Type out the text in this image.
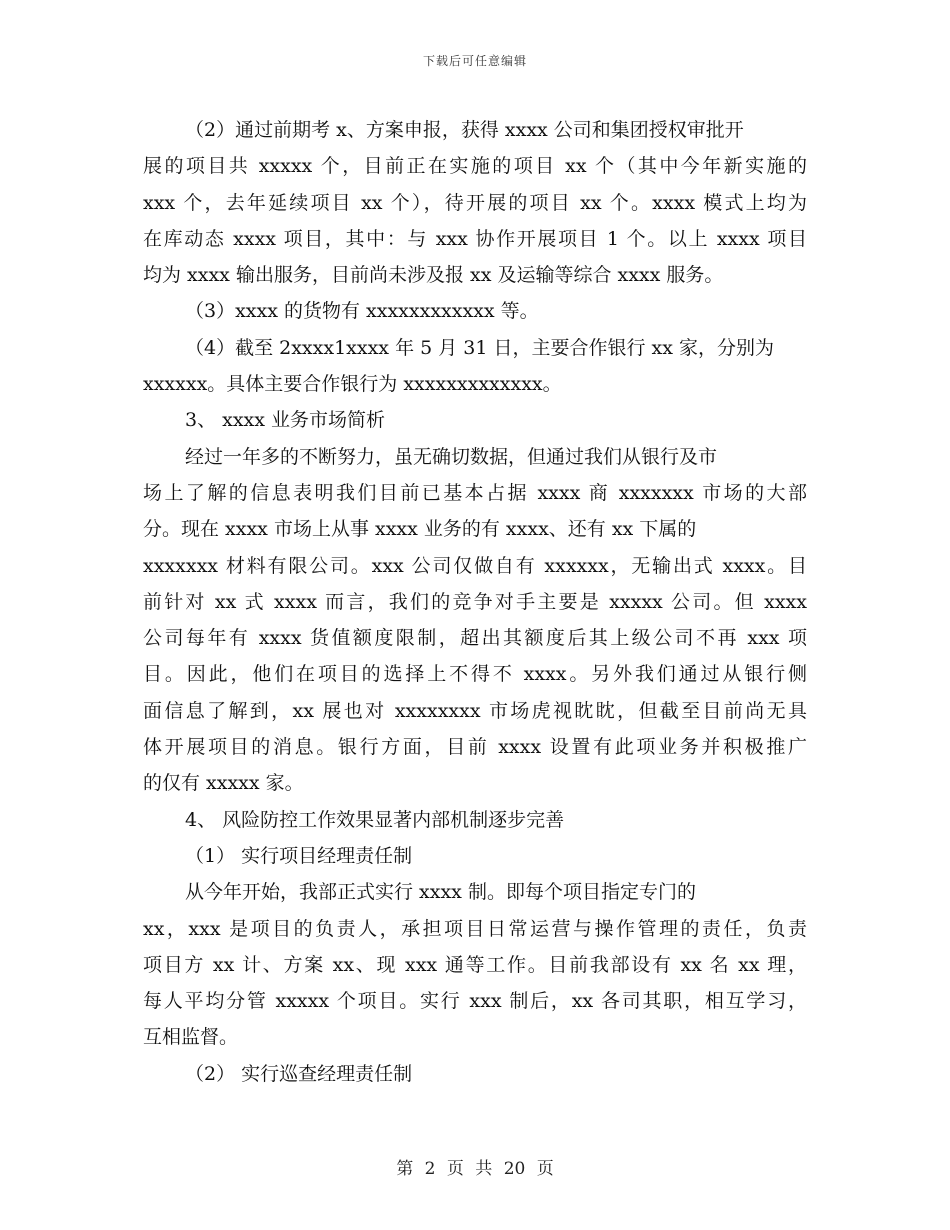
下载后可任意编辑
（2）通过前期考 x、方案申报，获得 xxxx 公司和集团授权审批开
展的项目共 xxxxx 个，目前正在实施的项目 xx 个（其中今年新实施的
xxx 个，去年延续项目 xx 个），待开展的项目 xx 个。xxxx 模式上均为
在库动态 xxxx 项目，其中：与 xxx 协作开展项目 1 个。以上 xxxx 项目
均为 xxxx 输出服务，目前尚未涉及报 xx 及运输等综合 xxxx 服务。
（3）xxxx 的货物有 xxxxxxxxxxxx 等。
（4）截至 2xxxx1xxxx 年 5 月 31 日，主要合作银行 xx 家，分别为
xxxxxx。具体主要合作银行为 xxxxxxxxxxxxx。
3、 xxxx 业务市场简析
经过一年多的不断努力，虽无确切数据，但通过我们从银行及市
场上了解的信息表明我们目前已基本占据 xxxx 商 xxxxxxx 市场的大部
分。现在 xxxx 市场上从事 xxxx 业务的有 xxxx、还有 xx 下属的
xxxxxxx 材料有限公司。xxx 公司仅做自有 xxxxxx，无输出式 xxxx。目
前针对 xx 式 xxxx 而言，我们的竞争对手主要是 xxxxx 公司。但 xxxx
公司每年有 xxxx 货值额度限制，超出其额度后其上级公司不再 xxx 项
目。因此，他们在项目的选择上不得不 xxxx。另外我们通过从银行侧
面信息了解到，xx 展也对 xxxxxxxx 市场虎视眈眈，但截至目前尚无具
体开展项目的消息。银行方面，目前 xxxx 设置有此项业务并积极推广
的仅有 xxxxx 家。
4、 风险防控工作效果显著内部机制逐步完善
（1） 实行项目经理责任制
从今年开始，我部正式实行 xxxx 制。即每个项目指定专门的
xx，xxx 是项目的负责人，承担项目日常运营与操作管理的责任，负责
项目方 xx 计、方案 xx、现 xxx 通等工作。目前我部设有 xx 名 xx 理，
每人平均分管 xxxxx 个项目。实行 xxx 制后，xx 各司其职，相互学习，
互相监督。
（2） 实行巡查经理责任制
第 2 页 共 20 页
